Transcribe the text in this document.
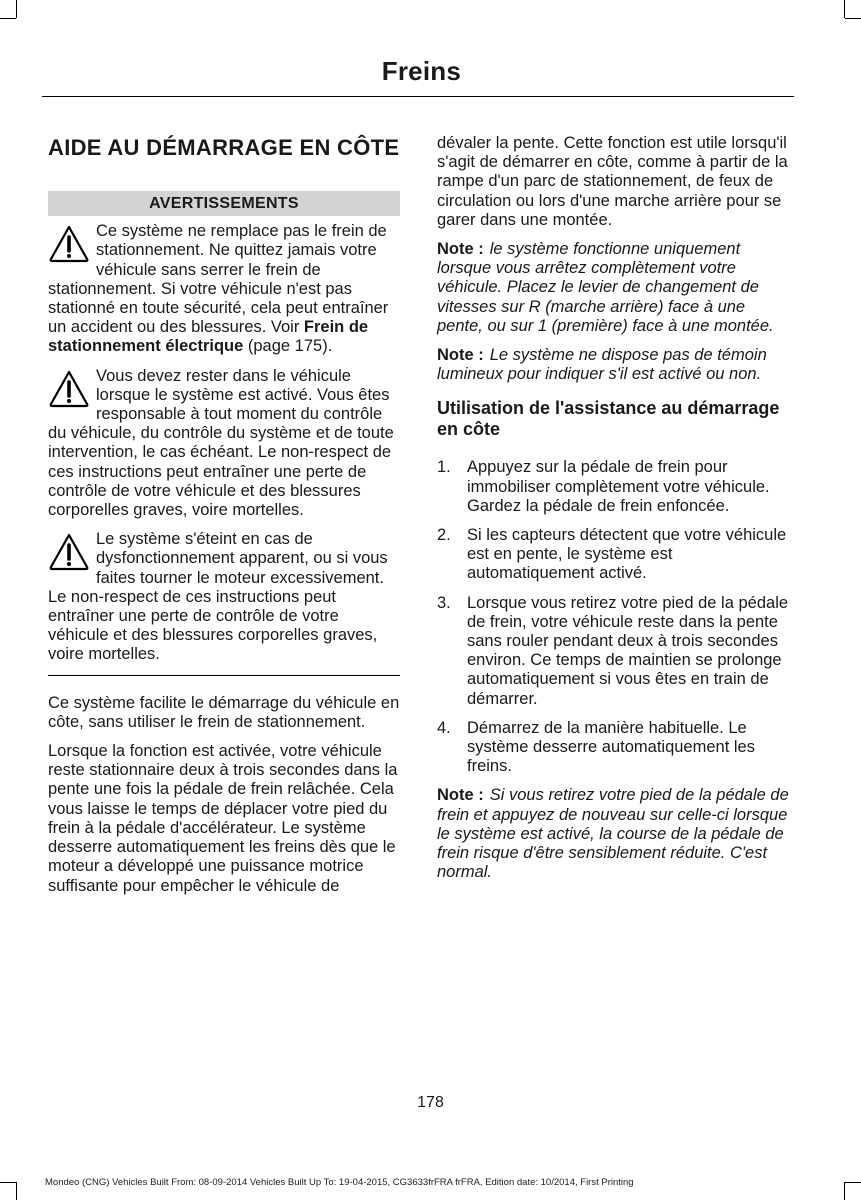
Freins
AIDE AU DÉMARRAGE EN CÔTE
AVERTISSEMENTS
Ce système ne remplace pas le frein de stationnement. Ne quittez jamais votre véhicule sans serrer le frein de stationnement. Si votre véhicule n'est pas stationné en toute sécurité, cela peut entraîner un accident ou des blessures. Voir Frein de stationnement électrique (page 175).
Vous devez rester dans le véhicule lorsque le système est activé. Vous êtes responsable à tout moment du contrôle du véhicule, du contrôle du système et de toute intervention, le cas échéant. Le non-respect de ces instructions peut entraîner une perte de contrôle de votre véhicule et des blessures corporelles graves, voire mortelles.
Le système s'éteint en cas de dysfonctionnement apparent, ou si vous faites tourner le moteur excessivement. Le non-respect de ces instructions peut entraîner une perte de contrôle de votre véhicule et des blessures corporelles graves, voire mortelles.

Ce système facilite le démarrage du véhicule en côte, sans utiliser le frein de stationnement.

Lorsque la fonction est activée, votre véhicule reste stationnaire deux à trois secondes dans la pente une fois la pédale de frein relâchée. Cela vous laisse le temps de déplacer votre pied du frein à la pédale d'accélérateur. Le système desserre automatiquement les freins dès que le moteur a développé une puissance motrice suffisante pour empêcher le véhicule de

dévaler la pente. Cette fonction est utile lorsqu'il s'agit de démarrer en côte, comme à partir de la rampe d'un parc de stationnement, de feux de circulation ou lors d'une marche arrière pour se garer dans une montée.

Note : le système fonctionne uniquement lorsque vous arrêtez complètement votre véhicule. Placez le levier de changement de vitesses sur R (marche arrière) face à une pente, ou sur 1 (première) face à une montée.

Note : Le système ne dispose pas de témoin lumineux pour indiquer s'il est activé ou non.

Utilisation de l'assistance au démarrage en côte
1. Appuyez sur la pédale de frein pour immobiliser complètement votre véhicule. Gardez la pédale de frein enfoncée.
2. Si les capteurs détectent que votre véhicule est en pente, le système est automatiquement activé.
3. Lorsque vous retirez votre pied de la pédale de frein, votre véhicule reste dans la pente sans rouler pendant deux à trois secondes environ. Ce temps de maintien se prolonge automatiquement si vous êtes en train de démarrer.
4. Démarrez de la manière habituelle. Le système desserre automatiquement les freins.

Note : Si vous retirez votre pied de la pédale de frein et appuyez de nouveau sur celle-ci lorsque le système est activé, la course de la pédale de frein risque d'être sensiblement réduite. C'est normal.

178
Mondeo (CNG) Vehicles Built From: 08-09-2014 Vehicles Built Up To: 19-04-2015, CG3633frFRA frFRA, Edition date: 10/2014, First Printing
